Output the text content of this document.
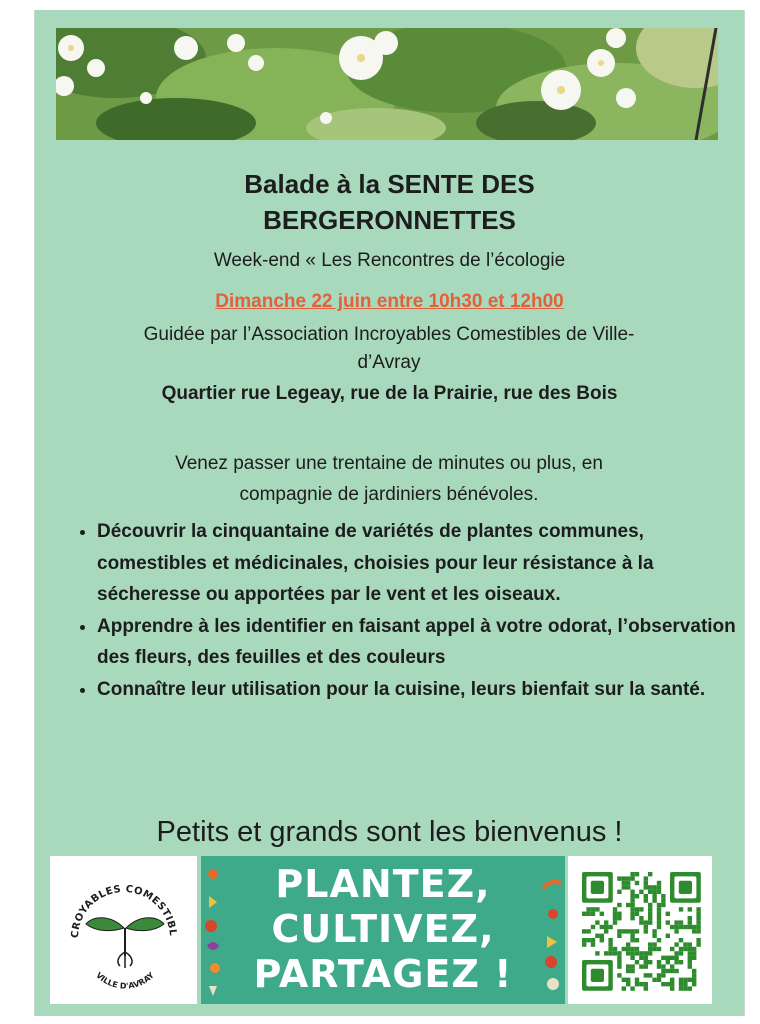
Balade à la SENTE DES
BERGERONNETTES
Week-end « Les Rencontres de l’écologie
Dimanche 22 juin entre 10h30 et 12h00
Guidée par l’Association Incroyables Comestibles de Ville-
d’Avray
Quartier rue Legeay, rue de la Prairie, rue des Bois
Venez passer une trentaine de minutes ou plus, en
compagnie de jardiniers bénévoles.
• Découvrir la cinquantaine de variétés de plantes communes, comestibles et médicinales, choisies pour leur résistance à la sécheresse ou apportées par le vent et les oiseaux.
• Apprendre à les identifier en faisant appel à votre odorat, l’observation des fleurs, des feuilles et des couleurs
• Connaître leur utilisation pour la cuisine, leurs bienfait sur la santé.
Petits et grands sont les bienvenus !
CROYABLES COMESTIBL
VILLE D'AVRAY
PLANTEZ,
CULTIVEZ,
PARTAGEZ !
